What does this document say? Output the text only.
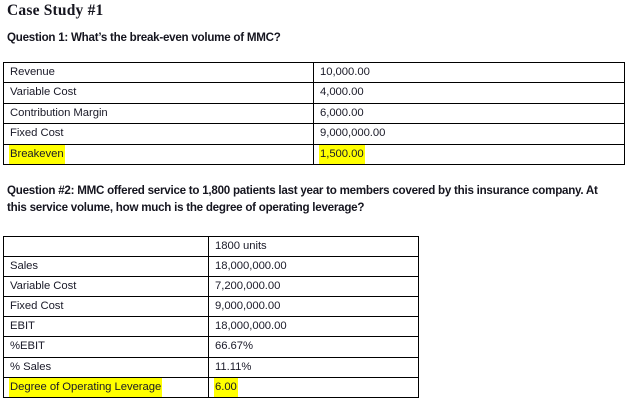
Case Study #1
Question 1: What’s the break-even volume of MMC?
Revenue	10,000.00
Variable Cost	4,000.00
Contribution Margin	6,000.00
Fixed Cost	9,000,000.00
Breakeven	1,500.00
Question #2: MMC offered service to 1,800 patients last year to members covered by this insurance company. At this service volume, how much is the degree of operating leverage?
	1800 units
Sales	18,000,000.00
Variable Cost	7,200,000.00
Fixed Cost	9,000,000.00
EBIT	18,000,000.00
%EBIT	66.67%
% Sales	11.11%
Degree of Operating Leverage	6.00
